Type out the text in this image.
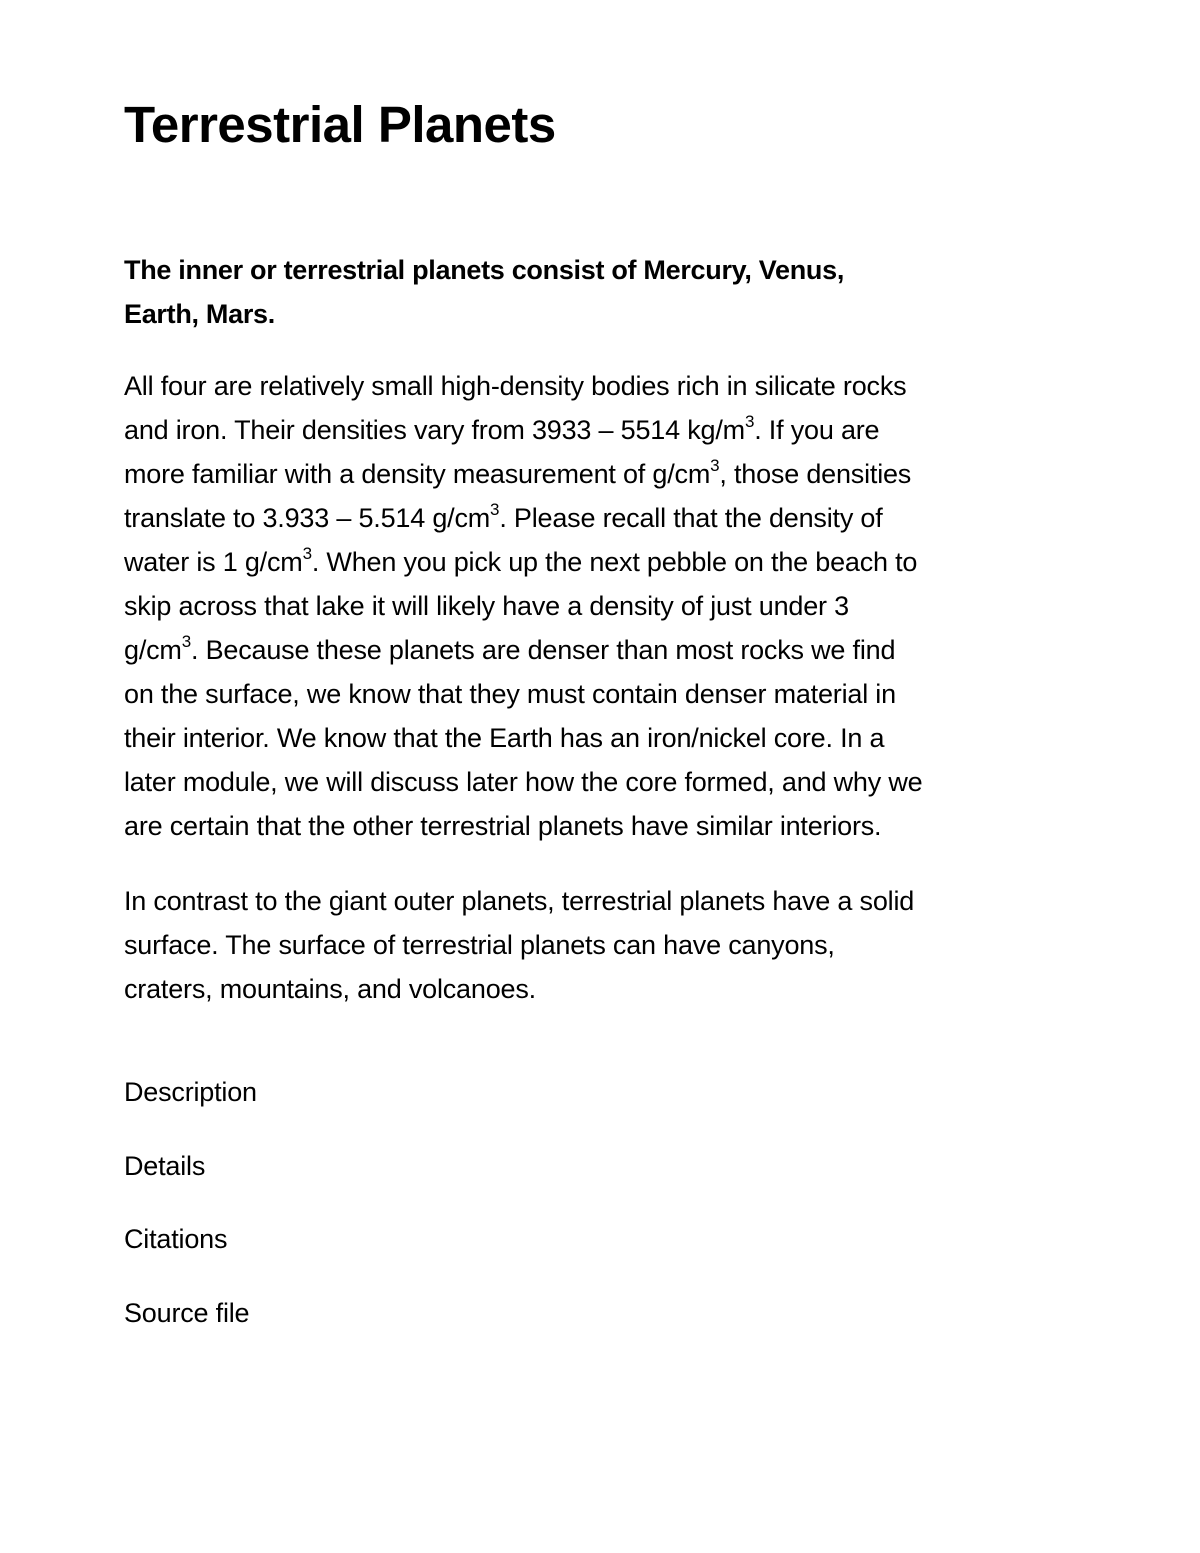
Terrestrial Planets

The inner or terrestrial planets consist of Mercury, Venus,
Earth, Mars.

All four are relatively small high-density bodies rich in silicate rocks
and iron. Their densities vary from 3933 – 5514 $kg/m^3$. If you are
more familiar with a density measurement of $g/cm^3$, those densities
translate to 3.933 – 5.514 $g/cm^3$. Please recall that the density of
water is 1 $g/cm^3$. When you pick up the next pebble on the beach to
skip across that lake it will likely have a density of just under 3
$g/cm^3$. Because these planets are denser than most rocks we find
on the surface, we know that they must contain denser material in
their interior. We know that the Earth has an iron/nickel core. In a
later module, we will discuss later how the core formed, and why we
are certain that the other terrestrial planets have similar interiors.

In contrast to the giant outer planets, terrestrial planets have a solid
surface. The surface of terrestrial planets can have canyons,
craters, mountains, and volcanoes.

Description
Details
Citations
Source file
